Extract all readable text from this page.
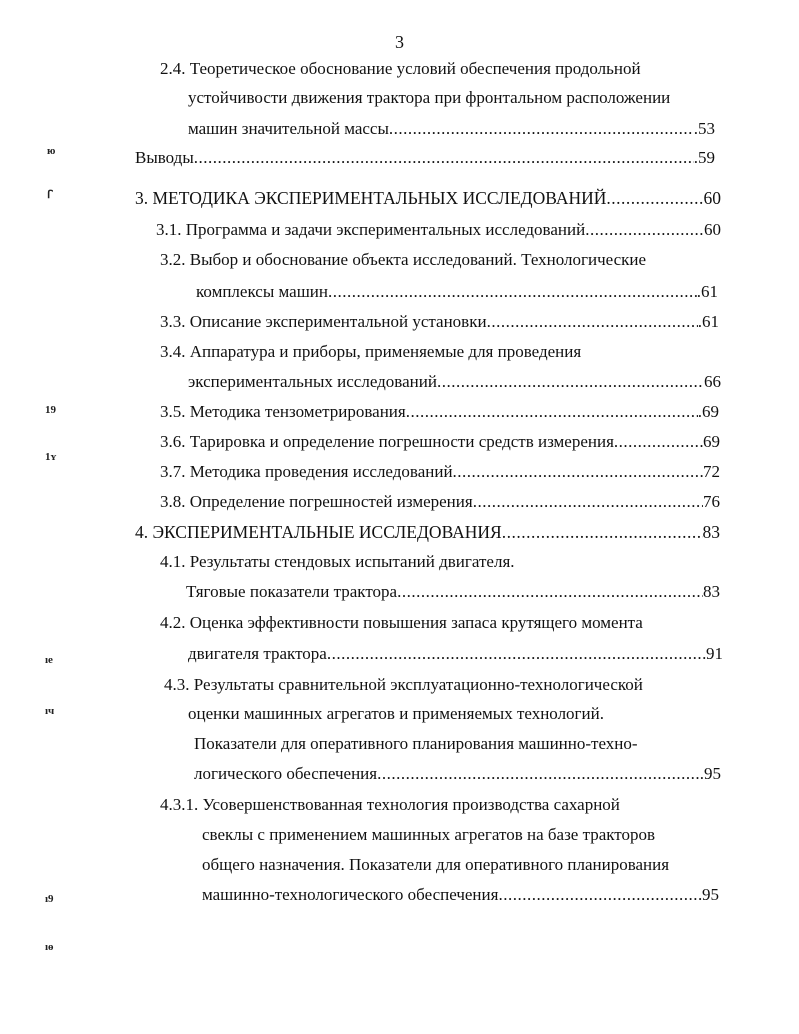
3
2.4. Теоретическое обоснование условий обеспечения продольной
устойчивости движения трактора при фронтальном расположении
машин значительной массы .....	.53
Выводы .....	.59
3. МЕТОДИКА ЭКСПЕРИМЕНТАЛЬНЫХ ИССЛЕДОВАНИЙ .....	60
3.1. Программа и задачи экспериментальных исследований .....	60
3.2. Выбор и обоснование объекта исследований. Технологические
комплексы машин .....	.61
3.3. Описание экспериментальной установки .....	.61
3.4. Аппаратура и приборы, применяемые для проведения
экспериментальных исследований .....	66
3.5. Методика тензометрирования .....	.69
3.6. Тарировка и определение погрешности средств измерения .....	69
3.7. Методика проведения исследований .....	72
3.8. Определение погрешностей измерения .....	76
4. ЭКСПЕРИМЕНТАЛЬНЫЕ ИССЛЕДОВАНИЯ .....	83
4.1. Результаты стендовых испытаний двигателя.
Тяговые показатели трактора .....	83
4.2. Оценка эффективности повышения запаса крутящего момента
двигателя трактора .....	91
4.3. Результаты сравнительной эксплуатационно-технологической
оценки машинных агрегатов и применяемых технологий.
Показатели для оперативного планирования машинно-техно-
логического обеспечения .....	.95
4.3.1. Усовершенствованная технология производства сахарной
свеклы с применением машинных агрегатов на базе тракторов
общего назначения. Показатели для оперативного планирования
машинно-технологического обеспечения .....	95
ю
ꓩ
19
1ʏ
ıе
ıч
ı9
ıө
